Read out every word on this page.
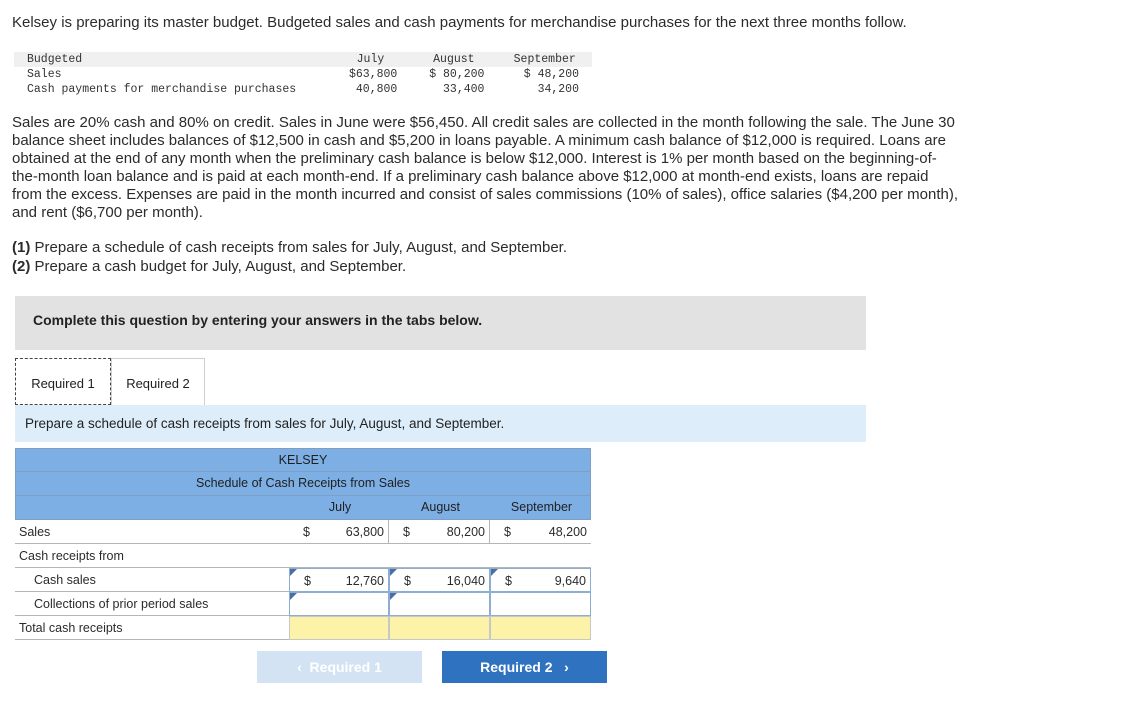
Kelsey is preparing its master budget. Budgeted sales and cash payments for merchandise purchases for the next three months follow.
Budgeted	July	August	September
Sales	$63,800	$ 80,200	$ 48,200
Cash payments for merchandise purchases	40,800	33,400	34,200
Sales are 20% cash and 80% on credit. Sales in June were $56,450. All credit sales are collected in the month following the sale. The June 30 balance sheet includes balances of $12,500 in cash and $5,200 in loans payable. A minimum cash balance of $12,000 is required. Loans are obtained at the end of any month when the preliminary cash balance is below $12,000. Interest is 1% per month based on the beginning-of-the-month loan balance and is paid at each month-end. If a preliminary cash balance above $12,000 at month-end exists, loans are repaid from the excess. Expenses are paid in the month incurred and consist of sales commissions (10% of sales), office salaries ($4,200 per month), and rent ($6,700 per month).
(1) Prepare a schedule of cash receipts from sales for July, August, and September.
(2) Prepare a cash budget for July, August, and September.
Complete this question by entering your answers in the tabs below.
Required 1	Required 2
Prepare a schedule of cash receipts from sales for July, August, and September.
KELSEY
Schedule of Cash Receipts from Sales
July	August	September
Sales	$	63,800 $	80,200 $	48,200
Cash receipts from
Cash sales	$	12,760 $	16,040 $	9,640
Collections of prior period sales
Total cash receipts
‹ Required 1	Required 2 ›
